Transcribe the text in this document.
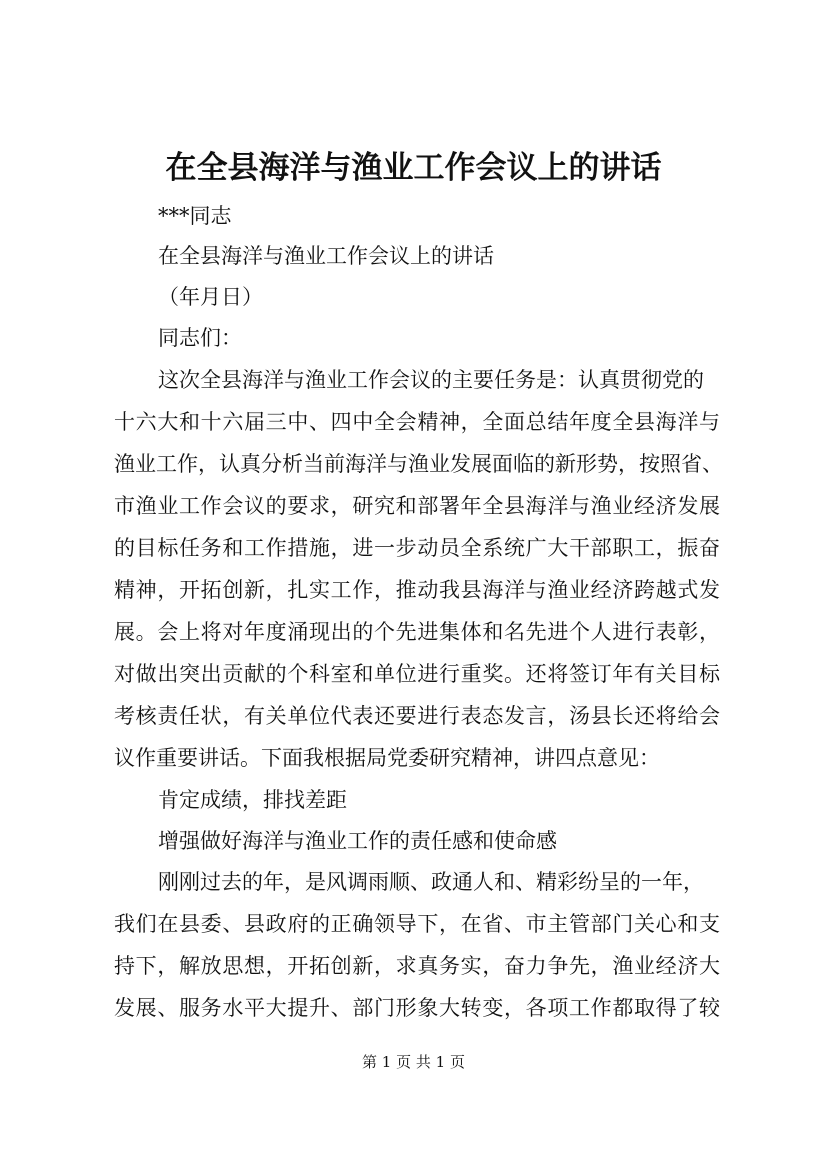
在全县海洋与渔业工作会议上的讲话
***同志
在全县海洋与渔业工作会议上的讲话
（年月日）
同志们：
这次全县海洋与渔业工作会议的主要任务是：认真贯彻党的
十六大和十六届三中、四中全会精神，全面总结年度全县海洋与
渔业工作，认真分析当前海洋与渔业发展面临的新形势，按照省、
市渔业工作会议的要求，研究和部署年全县海洋与渔业经济发展
的目标任务和工作措施，进一步动员全系统广大干部职工，振奋
精神，开拓创新，扎实工作，推动我县海洋与渔业经济跨越式发
展。会上将对年度涌现出的个先进集体和名先进个人进行表彰，
对做出突出贡献的个科室和单位进行重奖。还将签订年有关目标
考核责任状，有关单位代表还要进行表态发言，汤县长还将给会
议作重要讲话。下面我根据局党委研究精神，讲四点意见：
肯定成绩，排找差距
增强做好海洋与渔业工作的责任感和使命感
刚刚过去的年，是风调雨顺、政通人和、精彩纷呈的一年，
我们在县委、县政府的正确领导下，在省、市主管部门关心和支
持下，解放思想，开拓创新，求真务实，奋力争先，渔业经济大
发展、服务水平大提升、部门形象大转变，各项工作都取得了较
第 1 页 共 1 页
